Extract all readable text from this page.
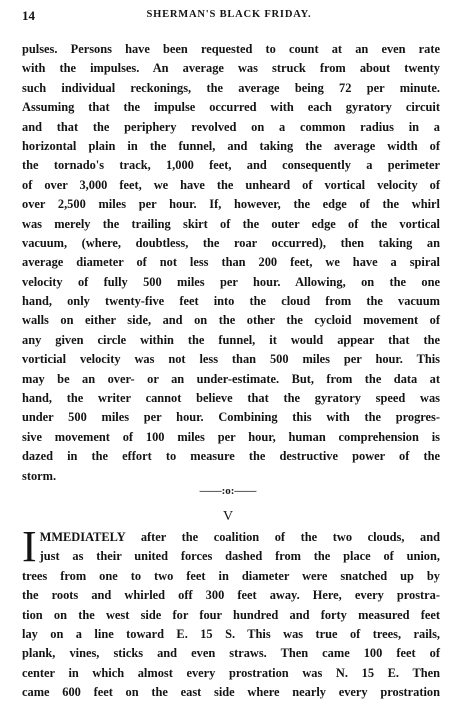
14	SHERMAN'S BLACK FRIDAY.
pulses. Persons have been requested to count at an even rate
with the impulses. An average was struck from about twenty
such individual reckonings, the average being 72 per minute.
Assuming that the impulse occurred with each gyratory circuit
and that the periphery revolved on a common radius in a
horizontal plain in the funnel, and taking the average width of
the tornado's track, 1,000 feet, and consequently a perimeter
of over 3,000 feet, we have the unheard of vortical velocity of
over 2,500 miles per hour. If, however, the edge of the whirl
was merely the trailing skirt of the outer edge of the vortical
vacuum, (where, doubtless, the roar occurred), then taking an
average diameter of not less than 200 feet, we have a spiral
velocity of fully 500 miles per hour. Allowing, on the one
hand, only twenty-five feet into the cloud from the vacuum
walls on either side, and on the other the cycloid movement of
any given circle within the funnel, it would appear that the
vorticial velocity was not less than 500 miles per hour. This
may be an over- or an under-estimate. But, from the data at
hand, the writer cannot believe that the gyratory speed was
under 500 miles per hour. Combining this with the progres-
sive movement of 100 miles per hour, human comprehension is
dazed in the effort to measure the destructive power of the
storm.
——:o:——
V
I MMEDIATELY after the coalition of the two clouds, and
just as their united forces dashed from the place of union,
trees from one to two feet in diameter were snatched up by
the roots and whirled off 300 feet away. Here, every prostra-
tion on the west side for four hundred and forty measured feet
lay on a line toward E. 15 S. This was true of trees, rails,
plank, vines, sticks and even straws. Then came 100 feet of
center in which almost every prostration was N. 15 E. Then
came 600 feet on the east side where nearly every prostration
